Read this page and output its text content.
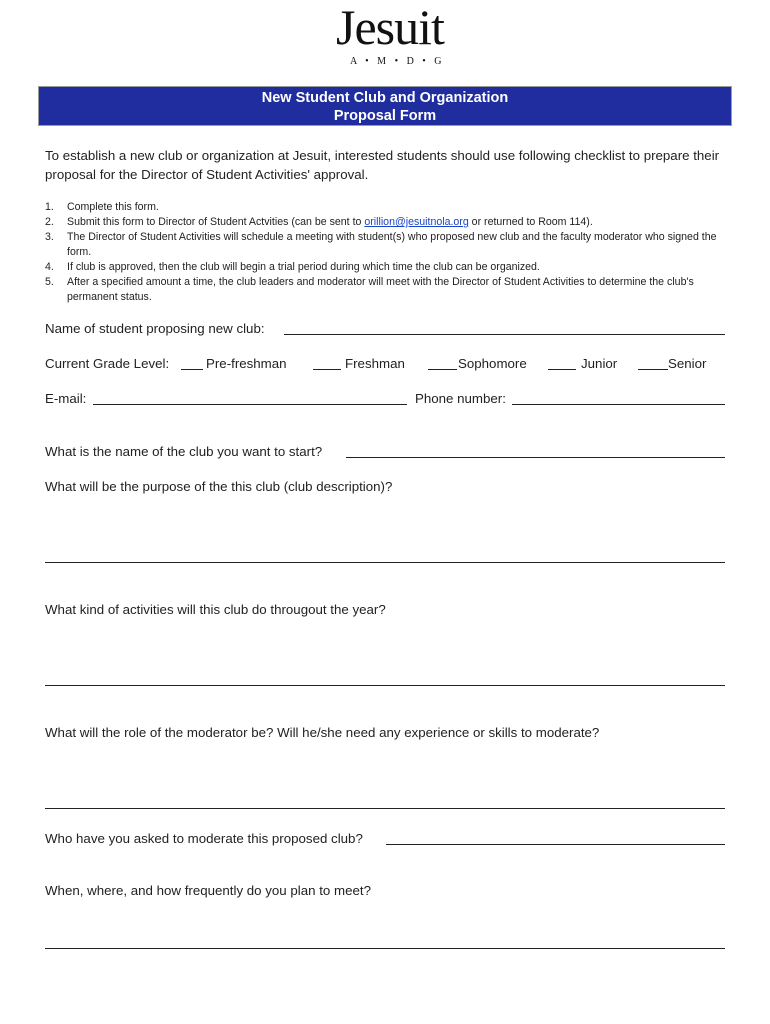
Jesuit
A • M • D • G
New Student Club and Organization
Proposal Form
To establish a new club or organization at Jesuit, interested students should use following checklist to prepare their proposal for the Director of Student Activities' approval.
1. Complete this form.
2. Submit this form to Director of Student Actvities (can be sent to orillion@jesuitnola.org or returned to Room 114).
3. The Director of Student Activities will schedule a meeting with student(s) who proposed new club and the faculty moderator who signed the form.
4. If club is approved, then the club will begin a trial period during which time the club can be organized.
5. After a specified amount a time, the club leaders and moderator will meet with the Director of Student Activities to determine the club's permanent status.
Name of student proposing new club:
Current Grade Level:	Pre-freshman	Freshman	Sophomore	Junior	Senior
E-mail:	Phone number:
What is the name of the club you want to start?
What will be the purpose of the this club (club description)?
What kind of activities will this club do througout the year?
What will the role of the moderator be? Will he/she need any experience or skills to moderate?
Who have you asked to moderate this proposed club?
When, where, and how frequently do you plan to meet?
